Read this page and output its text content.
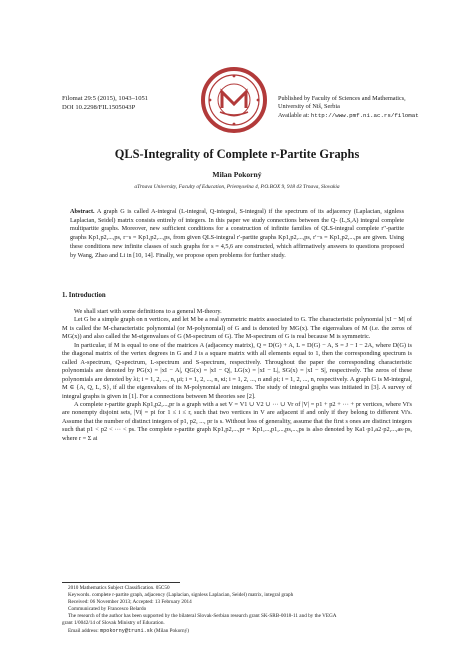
Filomat 29:5 (2015), 1043–1051
DOI 10.2298/FIL1505043P
Published by Faculty of Sciences and Mathematics,
University of Niš, Serbia
Available at: http://www.pmf.ni.ac.rs/filomat
QLS-Integrality of Complete r-Partite Graphs
Milan Pokorný
aTrnava University, Faculty of Education, Priemyselna 4, P.O.BOX 9, 918 43 Trnava, Slovakia
Abstract. A graph G is called A-integral (L-integral, Q-integral, S-integral) if the spectrum of its adjacency (Laplacian, signless Laplacian, Seidel) matrix consists entirely of integers. In this paper we study connections between the Q- (L,S,A) integral complete multipartite graphs. Moreover, new sufficient conditions for a construction of infinite families of QLS-integral complete r′′-partite graphs Kp1,p2,...,ps, r−s = Kp1,p2,...,ps, from given QLS-integral r′-partite graphs Kp1,p2,...,ps, r′−s = Kp1,p2,...,ps are given. Using these conditions new infinite classes of such graphs for s = 4,5,6 are constructed, which affirmatively answers to questions proposed by Wang, Zhao and Li in [10, 14]. Finally, we propose open problems for further study.
1. Introduction

We shall start with some definitions to a general M-theory.

Let G be a simple graph on n vertices, and let M be a real symmetric matrix associated to G. The characteristic polynomial |xI − M| of M is called the M-characteristic polynomial (or M-polynomial) of G and is denoted by MG(x). The eigenvalues of M (i.e. the zeros of MG(x)) and also called the M-eigenvalues of G (M-spectrum of G). The M-spectrum of G is real because M is symmetric.

In particular, if M is equal to one of the matrices A (adjacency matrix), Q = D(G) + A, L = D(G) − A, S = J − I − 2A, where D(G) is the diagonal matrix of the vertex degrees in G and J is a square matrix with all elements equal to 1, then the corresponding spectrum is called A-spectrum, Q-spectrum, L-spectrum and S-spectrum, respectively. Throughout the paper the corresponding characteristic polynomials are denoted by PG(x) = |xI − A|, QG(x) = |xI − Q|, LG(x) = |xI − L|, SG(x) = |xI − S|, respectively. The zeros of these polynomials are denoted by λi; i = 1, 2, ..., n, μi; i = 1, 2, ..., n, κi; i = 1, 2, ..., n and ρi; i = 1, 2, ..., n, respectively. A graph G is M-integral, M ∈ {A, Q, L, S}, if all the eigenvalues of its M-polynomial are integers. The study of integral graphs was initiated in [3]. A survey of integral graphs is given in [1]. For a connections between M theories see [2].

A complete r-partite graph Kp1,p2,...,pr is a graph with a set V = V1 ∪ V2 ∪ ··· ∪ Vr of |V| = p1 + p2 + ··· + pr vertices, where Vi's are nonempty disjoint sets, |Vi| = pi for 1 ≤ i ≤ r, such that two vertices in V are adjacent if and only if they belong to different Vi's. Assume that the number of distinct integers of p1, p2, ..., pr is s. Without loss of generality, assume that the first s ones are distinct integers such that p1 < p2 < ··· < ps. The complete r-partite graph Kp1,p2,...,pr = Kp1,...,p1,...,ps,...,ps is also denoted by Ka1·p1,a2·p2,...,as·ps, where r = Σ ai

2010 Mathematics Subject Classification. 05C50
Keywords. complete r-partite graph, adjacency (Laplacian, signless Laplacian, Seidel) matrix, integral graph
Received: 06 November 2013; Accepted: 13 February 2014
Communicated by Francesco Belardo
The research of the author has been supported by the bilateral Slovak-Serbian research grant SK-SRB-0018-11 and by the VEGA
grant 1/0042/14 of Slovak Ministry of Education.
Email address: mpokorny@truni.sk (Milan Pokorný)
